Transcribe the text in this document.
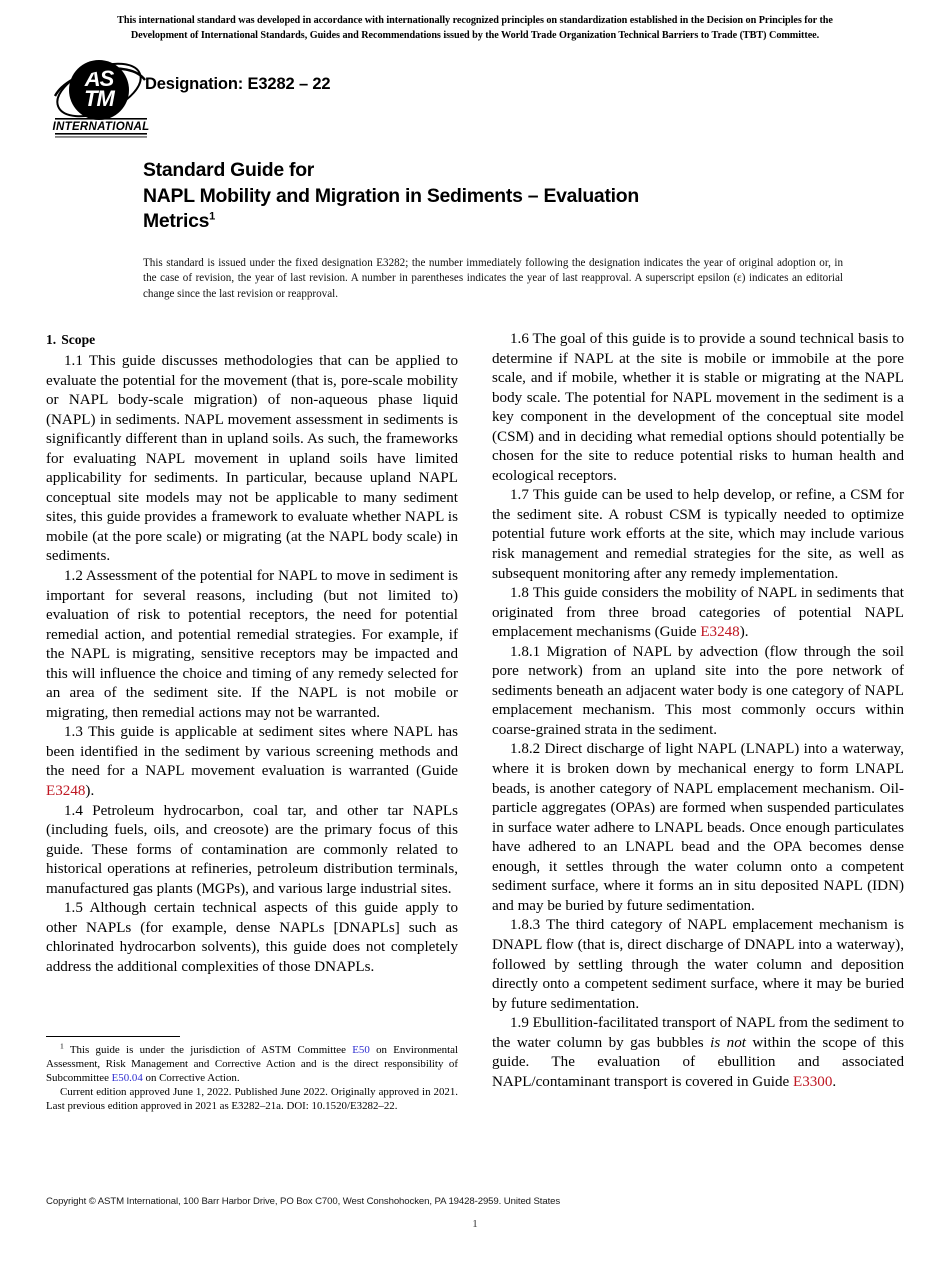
This international standard was developed in accordance with internationally recognized principles on standardization established in the Decision on Principles for the
Development of International Standards, Guides and Recommendations issued by the World Trade Organization Technical Barriers to Trade (TBT) Committee.
AS
TM
INTERNATIONAL
Designation: E3282 – 22
Standard Guide for
NAPL Mobility and Migration in Sediments – Evaluation
Metrics$^1$
This standard is issued under the fixed designation E3282; the number immediately following the designation indicates the year of original adoption or, in the case of revision, the year of last revision. A number in parentheses indicates the year of last reapproval. A superscript epsilon (ε) indicates an editorial change since the last revision or reapproval.
1. Scope

1.1 This guide discusses methodologies that can be applied to evaluate the potential for the movement (that is, pore-scale mobility or NAPL body-scale migration) of non-aqueous phase liquid (NAPL) in sediments. NAPL movement assessment in sediments is significantly different than in upland soils. As such, the frameworks for evaluating NAPL movement in upland soils have limited applicability for sediments. In particular, because upland NAPL conceptual site models may not be applicable to many sediment sites, this guide provides a framework to evaluate whether NAPL is mobile (at the pore scale) or migrating (at the NAPL body scale) in sediments.

1.2 Assessment of the potential for NAPL to move in sediment is important for several reasons, including (but not limited to) evaluation of risk to potential receptors, the need for potential remedial action, and potential remedial strategies. For example, if the NAPL is migrating, sensitive receptors may be impacted and this will influence the choice and timing of any remedy selected for an area of the sediment site. If the NAPL is not mobile or migrating, then remedial actions may not be warranted.

1.3 This guide is applicable at sediment sites where NAPL has been identified in the sediment by various screening methods and the need for a NAPL movement evaluation is warranted (Guide E3248).

1.4 Petroleum hydrocarbon, coal tar, and other tar NAPLs (including fuels, oils, and creosote) are the primary focus of this guide. These forms of contamination are commonly related to historical operations at refineries, petroleum distribution terminals, manufactured gas plants (MGPs), and various large industrial sites.

1.5 Although certain technical aspects of this guide apply to other NAPLs (for example, dense NAPLs [DNAPLs] such as chlorinated hydrocarbon solvents), this guide does not completely address the additional complexities of those DNAPLs.

1.6 The goal of this guide is to provide a sound technical basis to determine if NAPL at the site is mobile or immobile at the pore scale, and if mobile, whether it is stable or migrating at the NAPL body scale. The potential for NAPL movement in the sediment is a key component in the development of the conceptual site model (CSM) and in deciding what remedial options should potentially be chosen for the site to reduce potential risks to human health and ecological receptors.

1.7 This guide can be used to help develop, or refine, a CSM for the sediment site. A robust CSM is typically needed to optimize potential future work efforts at the site, which may include various risk management and remedial strategies for the site, as well as subsequent monitoring after any remedy implementation.

1.8 This guide considers the mobility of NAPL in sediments that originated from three broad categories of potential NAPL emplacement mechanisms (Guide E3248).

1.8.1 Migration of NAPL by advection (flow through the soil pore network) from an upland site into the pore network of sediments beneath an adjacent water body is one category of NAPL emplacement mechanism. This most commonly occurs within coarse-grained strata in the sediment.

1.8.2 Direct discharge of light NAPL (LNAPL) into a waterway, where it is broken down by mechanical energy to form LNAPL beads, is another category of NAPL emplacement mechanism. Oil-particle aggregates (OPAs) are formed when suspended particulates in surface water adhere to LNAPL beads. Once enough particulates have adhered to an LNAPL bead and the OPA becomes dense enough, it settles through the water column onto a competent sediment surface, where it forms an in situ deposited NAPL (IDN) and may be buried by future sedimentation.

1.8.3 The third category of NAPL emplacement mechanism is DNAPL flow (that is, direct discharge of DNAPL into a waterway), followed by settling through the water column and deposition directly onto a competent sediment surface, where it may be buried by future sedimentation.

1.9 Ebullition-facilitated transport of NAPL from the sediment to the water column by gas bubbles is not within the scope of this guide. The evaluation of ebullition and associated NAPL/contaminant transport is covered in Guide E3300.

$^1$ This guide is under the jurisdiction of ASTM Committee E50 on Environmental Assessment, Risk Management and Corrective Action and is the direct responsibility of Subcommittee E50.04 on Corrective Action.

Current edition approved June 1, 2022. Published June 2022. Originally approved in 2021. Last previous edition approved in 2021 as E3282–21a. DOI: 10.1520/E3282–22.

Copyright © ASTM International, 100 Barr Harbor Drive, PO Box C700, West Conshohocken, PA 19428-2959. United States
1
